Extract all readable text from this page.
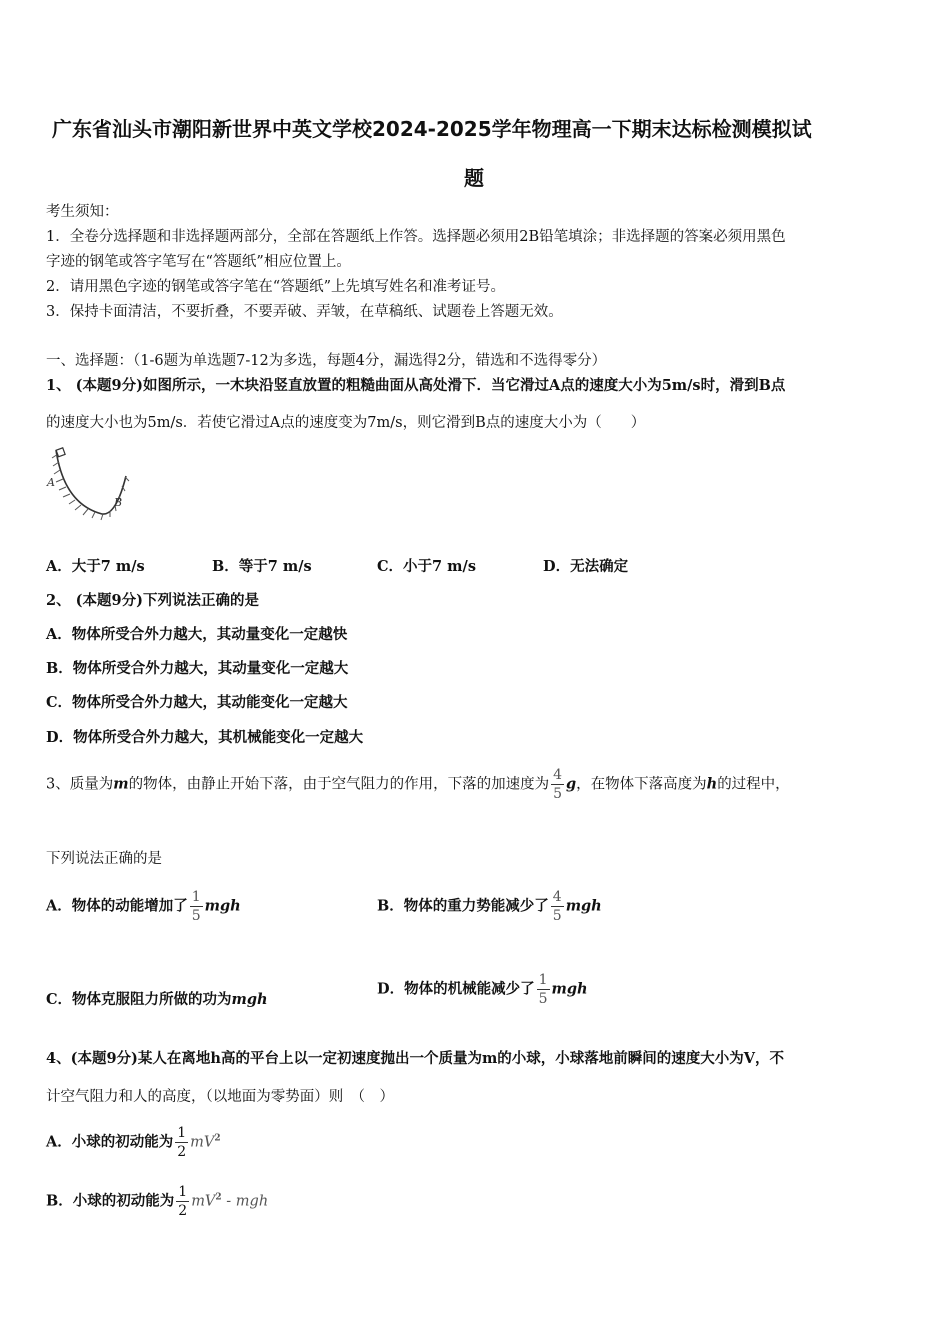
广东省汕头市潮阳新世界中英文学校2024-2025学年物理高一下期末达标检测模拟试
题
考生须知：
1．全卷分选择题和非选择题两部分，全部在答题纸上作答。选择题必须用2B铅笔填涂；非选择题的答案必须用黑色
字迹的钢笔或答字笔写在“答题纸”相应位置上。
2．请用黑色字迹的钢笔或答字笔在“答题纸”上先填写姓名和准考证号。
3．保持卡面清洁，不要折叠，不要弄破、弄皱，在草稿纸、试题卷上答题无效。
一、选择题：（1-6题为单选题7-12为多选，每题4分，漏选得2分，错选和不选得零分）
1、 (本题9分)如图所示，一木块沿竖直放置的粗糙曲面从高处滑下．当它滑过A点的速度大小为5m/s时，滑到B点
的速度大小也为5m/s．若使它滑过A点的速度变为7m/s，则它滑到B点的速度大小为（　　）
A
B
A．大于7 m/s	B．等于7 m/s	C．小于7 m/s	D．无法确定
2、 (本题9分)下列说法正确的是
A．物体所受合外力越大，其动量变化一定越快
B．物体所受合外力越大，其动量变化一定越大
C．物体所受合外力越大，其动能变化一定越大
D．物体所受合外力越大，其机械能变化一定越大
3、质量为m的物体，由静止开始下落，由于空气阻力的作用，下落的加速度为 $\frac{4}{5}$ g，在物体下落高度为h的过程中，
下列说法正确的是
A．物体的动能增加了 $\frac{1}{5}$ mgh	B．物体的重力势能减少了 $\frac{4}{5}$ mgh
C．物体克服阻力所做的功为mgh
D．物体的机械能减少了 $\frac{1}{5}$ mgh
4、(本题9分)某人在离地h高的平台上以一定初速度抛出一个质量为m的小球，小球落地前瞬间的速度大小为V，不
计空气阻力和人的高度，（以地面为零势面）则　（　）
A．小球的初动能为 $\frac{1}{2} mV^2$
B．小球的初动能为 $\frac{1}{2} mV^2$ - mgh
